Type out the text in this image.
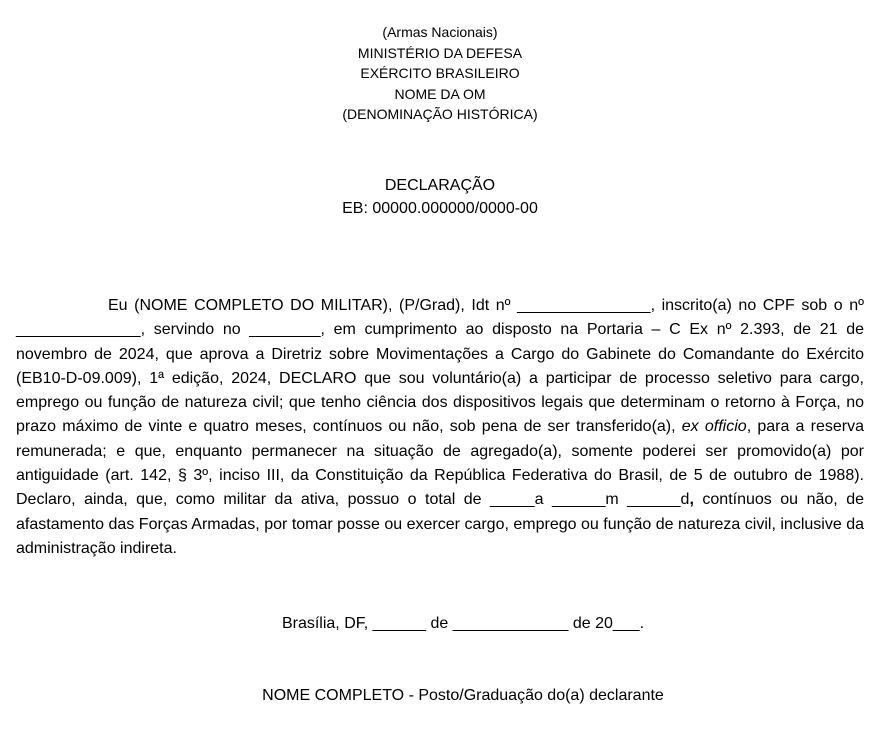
(Armas Nacionais)
MINISTÉRIO DA DEFESA
EXÉRCITO BRASILEIRO
NOME DA OM
(DENOMINAÇÃO HISTÓRICA)
DECLARAÇÃO
EB: 00000.000000/0000-00

Eu (NOME COMPLETO DO MILITAR), (P/Grad), Idt nº _______________, inscrito(a) no CPF sob o nº ______________, servindo no ________, em cumprimento ao disposto na Portaria – C Ex nº 2.393, de 21 de novembro de 2024, que aprova a Diretriz sobre Movimentações a Cargo do Gabinete do Comandante do Exército (EB10-D-09.009), 1ª edição, 2024, DECLARO que sou voluntário(a) a participar de processo seletivo para cargo, emprego ou função de natureza civil; que tenho ciência dos dispositivos legais que determinam o retorno à Força, no prazo máximo de vinte e quatro meses, contínuos ou não, sob pena de ser transferido(a), ex officio, para a reserva remunerada; e que, enquanto permanecer na situação de agregado(a), somente poderei ser promovido(a) por antiguidade (art. 142, § 3º, inciso III, da Constituição da República Federativa do Brasil, de 5 de outubro de 1988). Declaro, ainda, que, como militar da ativa, possuo o total de _____a ______m ______d, contínuos ou não, de afastamento das Forças Armadas, por tomar posse ou exercer cargo, emprego ou função de natureza civil, inclusive da administração indireta.

Brasília, DF, ______ de _____________ de 20___.
NOME COMPLETO - Posto/Graduação do(a) declarante
